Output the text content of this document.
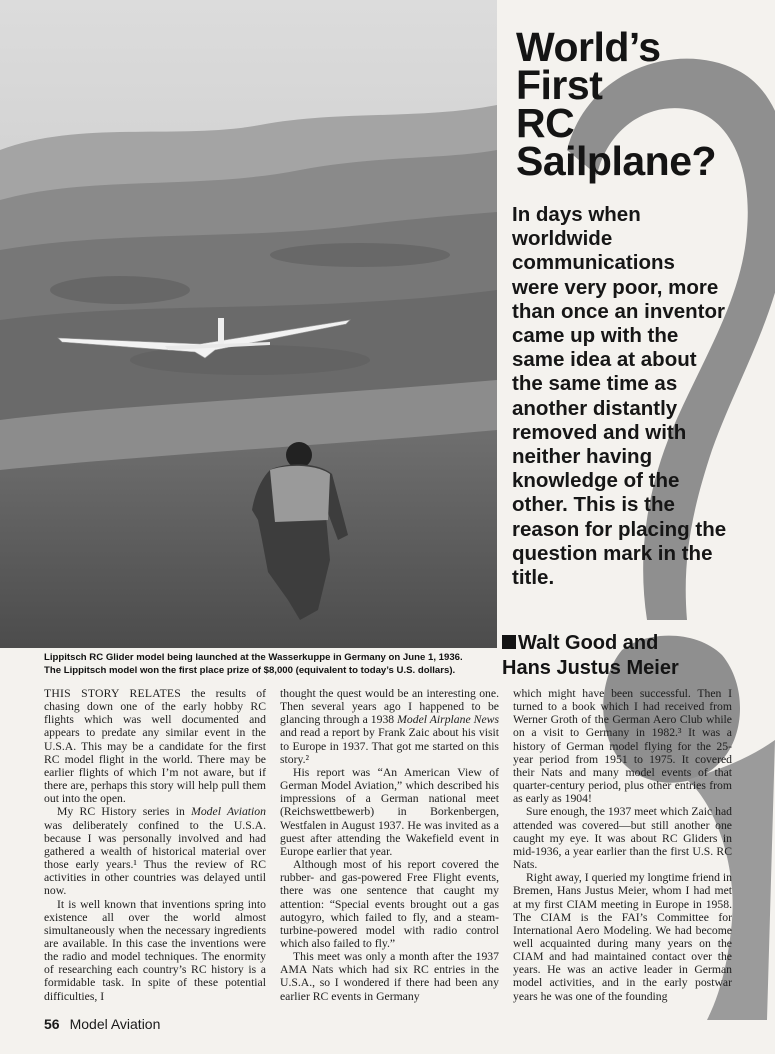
World’s
First
RC
Sailplane?
In days when worldwide communications were very poor, more than once an inventor came up with the same idea at about the same time as another distantly removed and with neither having knowledge of the other. This is the reason for placing the question mark in the title.
Walt Good and
Hans Justus Meier
Lippitsch RC Glider model being launched at the Wasserkuppe in Germany on June 1, 1936.
The Lippitsch model won the first place prize of $8,000 (equivalent to today’s U.S. dollars).

THIS STORY RELATES the results of chasing down one of the early hobby RC flights which was well documented and appears to predate any similar event in the U.S.A. This may be a candidate for the first RC model flight in the world. There may be earlier flights of which I’m not aware, but if there are, perhaps this story will help pull them out into the open.

My RC History series in Model Aviation was deliberately confined to the U.S.A. because I was personally involved and had gathered a wealth of historical material over those early years.¹ Thus the review of RC activities in other countries was delayed until now.

It is well known that inventions spring into existence all over the world almost simultaneously when the necessary ingredients are available. In this case the inventions were the radio and model techniques. The enormity of researching each country’s RC history is a formidable task. In spite of these potential difficulties, I

thought the quest would be an interesting one. Then several years ago I happened to be glancing through a 1938 Model Airplane News and read a report by Frank Zaic about his visit to Europe in 1937. That got me started on this story.²

His report was “An American View of German Model Aviation,” which described his impressions of a German national meet (Reichswettbewerb) in Borkenbergen, Westfalen in August 1937. He was invited as a guest after attending the Wakefield event in Europe earlier that year.

Although most of his report covered the rubber- and gas-powered Free Flight events, there was one sentence that caught my attention: “Special events brought out a gas autogyro, which failed to fly, and a steam-turbine-powered model with radio control which also failed to fly.”

This meet was only a month after the 1937 AMA Nats which had six RC entries in the U.S.A., so I wondered if there had been any earlier RC events in Germany

which might have been successful. Then I turned to a book which I had received from Werner Groth of the German Aero Club while on a visit to Germany in 1982.³ It was a history of German model flying for the 25-year period from 1951 to 1975. It covered their Nats and many model events of that quarter-century period, plus other entries from as early as 1904!

Sure enough, the 1937 meet which Zaic had attended was covered—but still another one caught my eye. It was about RC Gliders in mid-1936, a year earlier than the first U.S. RC Nats.

Right away, I queried my longtime friend in Bremen, Hans Justus Meier, whom I had met at my first CIAM meeting in Europe in 1958. The CIAM is the FAI’s Committee for International Aero Modeling. We had become well acquainted during many years on the CIAM and had maintained contact over the years. He was an active leader in German model activities, and in the early postwar years he was one of the founding

56 Model Aviation
